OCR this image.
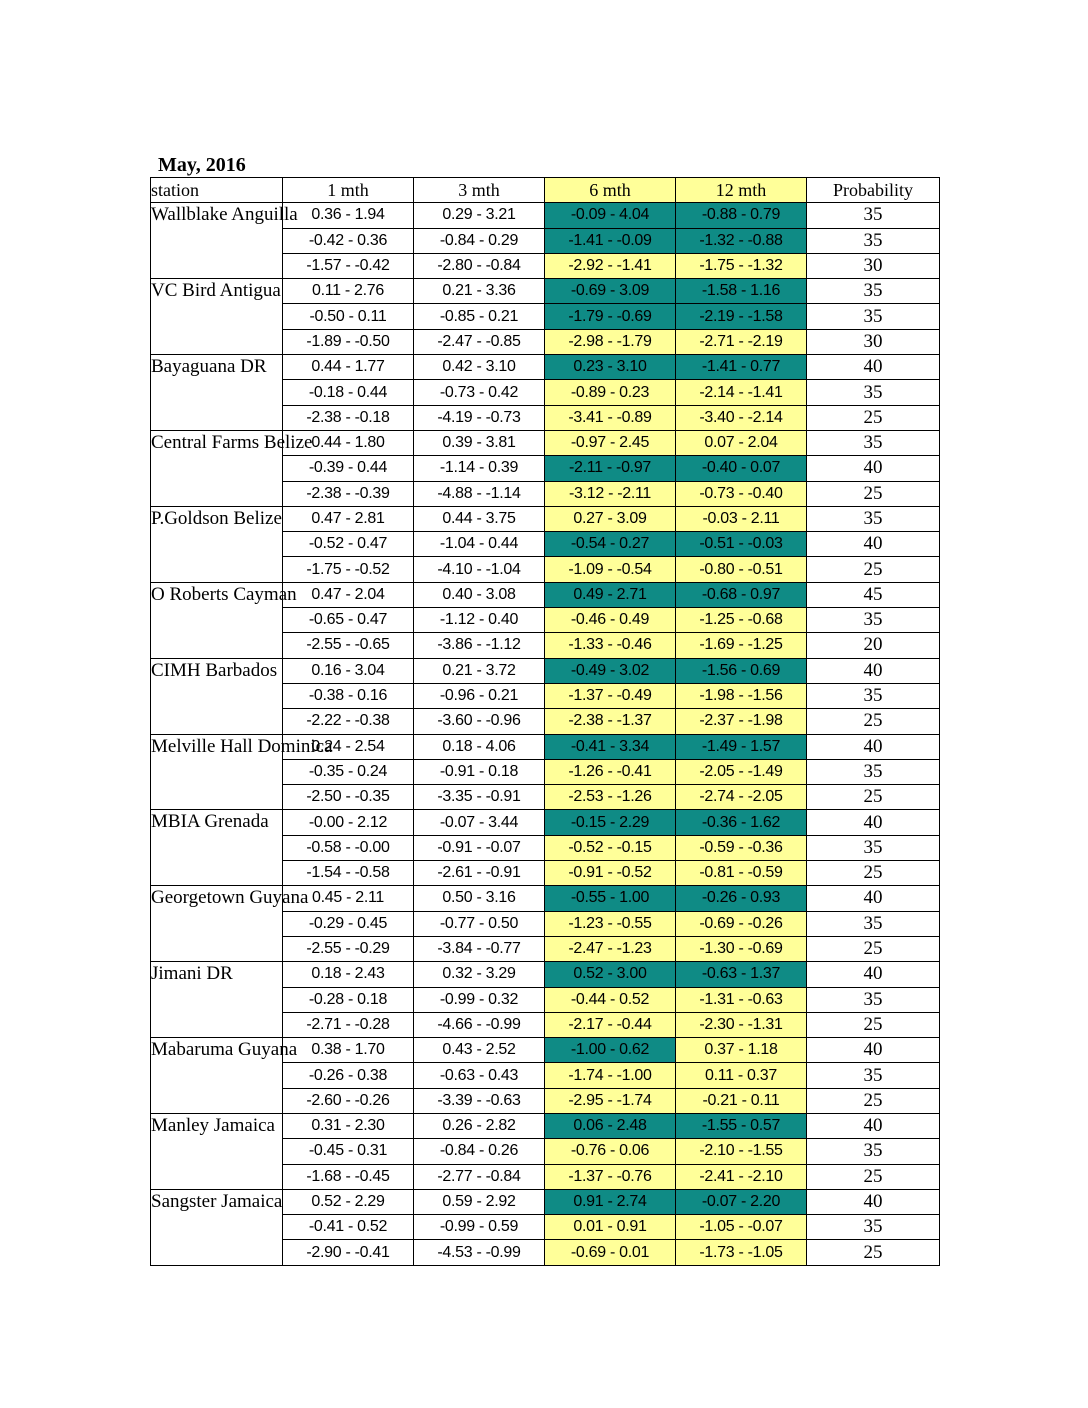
May, 2016
station	1 mth	3 mth	6 mth	12 mth	Probability
Wallblake Anguilla	0.36 - 1.94	0.29 - 3.21	-0.09 - 4.04	-0.88 - 0.79	35
	-0.42 - 0.36	-0.84 - 0.29	-1.41 - -0.09	-1.32 - -0.88	35
	-1.57 - -0.42	-2.80 - -0.84	-2.92 - -1.41	-1.75 - -1.32	30
VC Bird Antigua	0.11 - 2.76	0.21 - 3.36	-0.69 - 3.09	-1.58 - 1.16	35
	-0.50 - 0.11	-0.85 - 0.21	-1.79 - -0.69	-2.19 - -1.58	35
	-1.89 - -0.50	-2.47 - -0.85	-2.98 - -1.79	-2.71 - -2.19	30
Bayaguana DR	0.44 - 1.77	0.42 - 3.10	0.23 - 3.10	-1.41 - 0.77	40
	-0.18 - 0.44	-0.73 - 0.42	-0.89 - 0.23	-2.14 - -1.41	35
	-2.38 - -0.18	-4.19 - -0.73	-3.41 - -0.89	-3.40 - -2.14	25
Central Farms Belize	0.44 - 1.80	0.39 - 3.81	-0.97 - 2.45	0.07 - 2.04	35
	-0.39 - 0.44	-1.14 - 0.39	-2.11 - -0.97	-0.40 - 0.07	40
	-2.38 - -0.39	-4.88 - -1.14	-3.12 - -2.11	-0.73 - -0.40	25
P.Goldson Belize	0.47 - 2.81	0.44 - 3.75	0.27 - 3.09	-0.03 - 2.11	35
	-0.52 - 0.47	-1.04 - 0.44	-0.54 - 0.27	-0.51 - -0.03	40
	-1.75 - -0.52	-4.10 - -1.04	-1.09 - -0.54	-0.80 - -0.51	25
O Roberts Cayman	0.47 - 2.04	0.40 - 3.08	0.49 - 2.71	-0.68 - 0.97	45
	-0.65 - 0.47	-1.12 - 0.40	-0.46 - 0.49	-1.25 - -0.68	35
	-2.55 - -0.65	-3.86 - -1.12	-1.33 - -0.46	-1.69 - -1.25	20
CIMH Barbados	0.16 - 3.04	0.21 - 3.72	-0.49 - 3.02	-1.56 - 0.69	40
	-0.38 - 0.16	-0.96 - 0.21	-1.37 - -0.49	-1.98 - -1.56	35
	-2.22 - -0.38	-3.60 - -0.96	-2.38 - -1.37	-2.37 - -1.98	25
Melville Hall Dominica	0.24 - 2.54	0.18 - 4.06	-0.41 - 3.34	-1.49 - 1.57	40
	-0.35 - 0.24	-0.91 - 0.18	-1.26 - -0.41	-2.05 - -1.49	35
	-2.50 - -0.35	-3.35 - -0.91	-2.53 - -1.26	-2.74 - -2.05	25
MBIA Grenada	-0.00 - 2.12	-0.07 - 3.44	-0.15 - 2.29	-0.36 - 1.62	40
	-0.58 - -0.00	-0.91 - -0.07	-0.52 - -0.15	-0.59 - -0.36	35
	-1.54 - -0.58	-2.61 - -0.91	-0.91 - -0.52	-0.81 - -0.59	25
Georgetown Guyana	0.45 - 2.11	0.50 - 3.16	-0.55 - 1.00	-0.26 - 0.93	40
	-0.29 - 0.45	-0.77 - 0.50	-1.23 - -0.55	-0.69 - -0.26	35
	-2.55 - -0.29	-3.84 - -0.77	-2.47 - -1.23	-1.30 - -0.69	25
Jimani DR	0.18 - 2.43	0.32 - 3.29	0.52 - 3.00	-0.63 - 1.37	40
	-0.28 - 0.18	-0.99 - 0.32	-0.44 - 0.52	-1.31 - -0.63	35
	-2.71 - -0.28	-4.66 - -0.99	-2.17 - -0.44	-2.30 - -1.31	25
Mabaruma Guyana	0.38 - 1.70	0.43 - 2.52	-1.00 - 0.62	0.37 - 1.18	40
	-0.26 - 0.38	-0.63 - 0.43	-1.74 - -1.00	0.11 - 0.37	35
	-2.60 - -0.26	-3.39 - -0.63	-2.95 - -1.74	-0.21 - 0.11	25
Manley Jamaica	0.31 - 2.30	0.26 - 2.82	0.06 - 2.48	-1.55 - 0.57	40
	-0.45 - 0.31	-0.84 - 0.26	-0.76 - 0.06	-2.10 - -1.55	35
	-1.68 - -0.45	-2.77 - -0.84	-1.37 - -0.76	-2.41 - -2.10	25
Sangster Jamaica	0.52 - 2.29	0.59 - 2.92	0.91 - 2.74	-0.07 - 2.20	40
	-0.41 - 0.52	-0.99 - 0.59	0.01 - 0.91	-1.05 - -0.07	35
	-2.90 - -0.41	-4.53 - -0.99	-0.69 - 0.01	-1.73 - -1.05	25
